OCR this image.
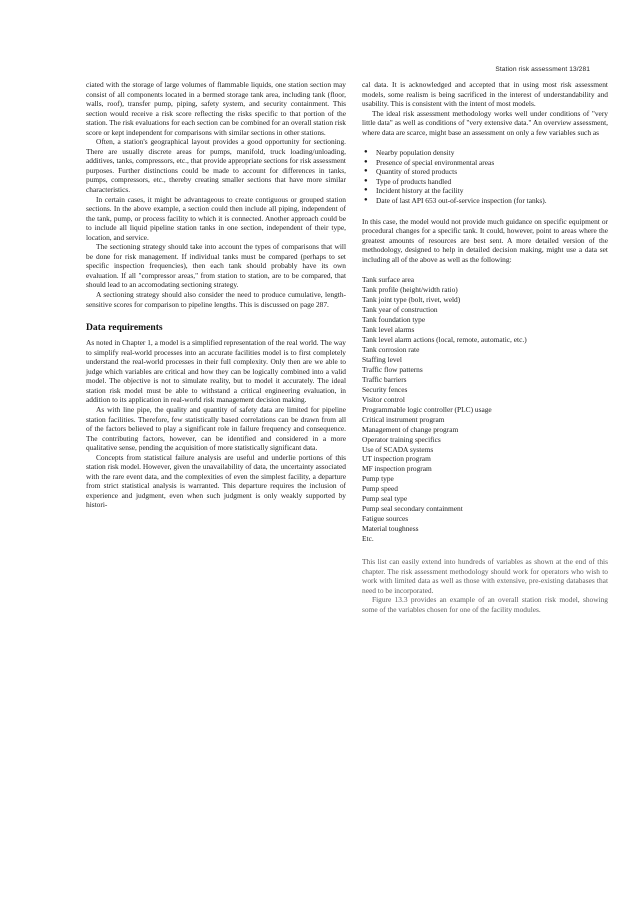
Station risk assessment 13/281

ciated with the storage of large volumes of flammable liquids, one station section may consist of all components located in a bermed storage tank area, including tank (floor, walls, roof), transfer pump, piping, safety system, and security containment. This section would receive a risk score reflecting the risks specific to that portion of the station. The risk evaluations for each section can be combined for an overall station risk score or kept independent for comparisons with similar sections in other stations.

Often, a station's geographical layout provides a good opportunity for sectioning. There are usually discrete areas for pumps, manifold, truck loading/unloading, additives, tanks, compressors, etc., that provide appropriate sections for risk assessment purposes. Further distinctions could be made to account for differences in tanks, pumps, compressors, etc., thereby creating smaller sections that have more similar characteristics.

In certain cases, it might be advantageous to create contiguous or grouped station sections. In the above example, a section could then include all piping, independent of the tank, pump, or process facility to which it is connected. Another approach could be to include all liquid pipeline station tanks in one section, independent of their type, location, and service.

The sectioning strategy should take into account the types of comparisons that will be done for risk management. If individual tanks must be compared (perhaps to set specific inspection frequencies), then each tank should probably have its own evaluation. If all "compressor areas," from station to station, are to be compared, that should lead to an accomodating sectioning strategy.

A sectioning strategy should also consider the need to produce cumulative, length-sensitive scores for comparison to pipeline lengths. This is discussed on page 287.

Data requirements

As noted in Chapter 1, a model is a simplified representation of the real world. The way to simplify real-world processes into an accurate facilities model is to first completely understand the real-world processes in their full complexity. Only then are we able to judge which variables are critical and how they can be logically combined into a valid model. The objective is not to simulate reality, but to model it accurately. The ideal station risk model must be able to withstand a critical engineering evaluation, in addition to its application in real-world risk management decision making.

As with line pipe, the quality and quantity of safety data are limited for pipeline station facilities. Therefore, few statistically based correlations can be drawn from all of the factors believed to play a significant role in failure frequency and consequence. The contributing factors, however, can be identified and considered in a more qualitative sense, pending the acquisition of more statistically significant data.

Concepts from statistical failure analysis are useful and underlie portions of this station risk model. However, given the unavailability of data, the uncertainty associated with the rare event data, and the complexities of even the simplest facility, a departure from strict statistical analysis is warranted. This departure requires the inclusion of experience and judgment, even when such judgment is only weakly supported by histori-

cal data. It is acknowledged and accepted that in using most risk assessment models, some realism is being sacrificed in the interest of understandability and usability. This is consistent with the intent of most models.

The ideal risk assessment methodology works well under conditions of "very little data" as well as conditions of "very extensive data." An overview assessment, where data are scarce, might base an assessment on only a few variables such as

● Nearby population density
● Presence of special environmental areas
● Quantity of stored products
● Type of products handled
● Incident history at the facility
● Date of last API 653 out-of-service inspection (for tanks).

In this case, the model would not provide much guidance on specific equipment or procedural changes for a specific tank. It could, however, point to areas where the greatest amounts of resources are best sent. A more detailed version of the methodology, designed to help in detailed decision making, might use a data set including all of the above as well as the following:

Tank surface area
Tank profile (height/width ratio)
Tank joint type (bolt, rivet, weld)
Tank year of construction
Tank foundation type
Tank level alarms
Tank level alarm actions (local, remote, automatic, etc.)
Tank corrosion rate
Staffing level
Traffic flow patterns
Traffic barriers
Security fences
Visitor control
Programmable logic controller (PLC) usage
Critical instrument program
Management of change program
Operator training specifics
Use of SCADA systems
UT inspection program
MF inspection program
Pump type
Pump speed
Pump seal type
Pump seal secondary containment
Fatigue sources
Material toughness
Etc.

This list can easily extend into hundreds of variables as shown at the end of this chapter. The risk assessment methodology should work for operators who wish to work with limited data as well as those with extensive, pre-existing databases that need to be incorporated.

Figure 13.3 provides an example of an overall station risk model, showing some of the variables chosen for one of the facility modules.
